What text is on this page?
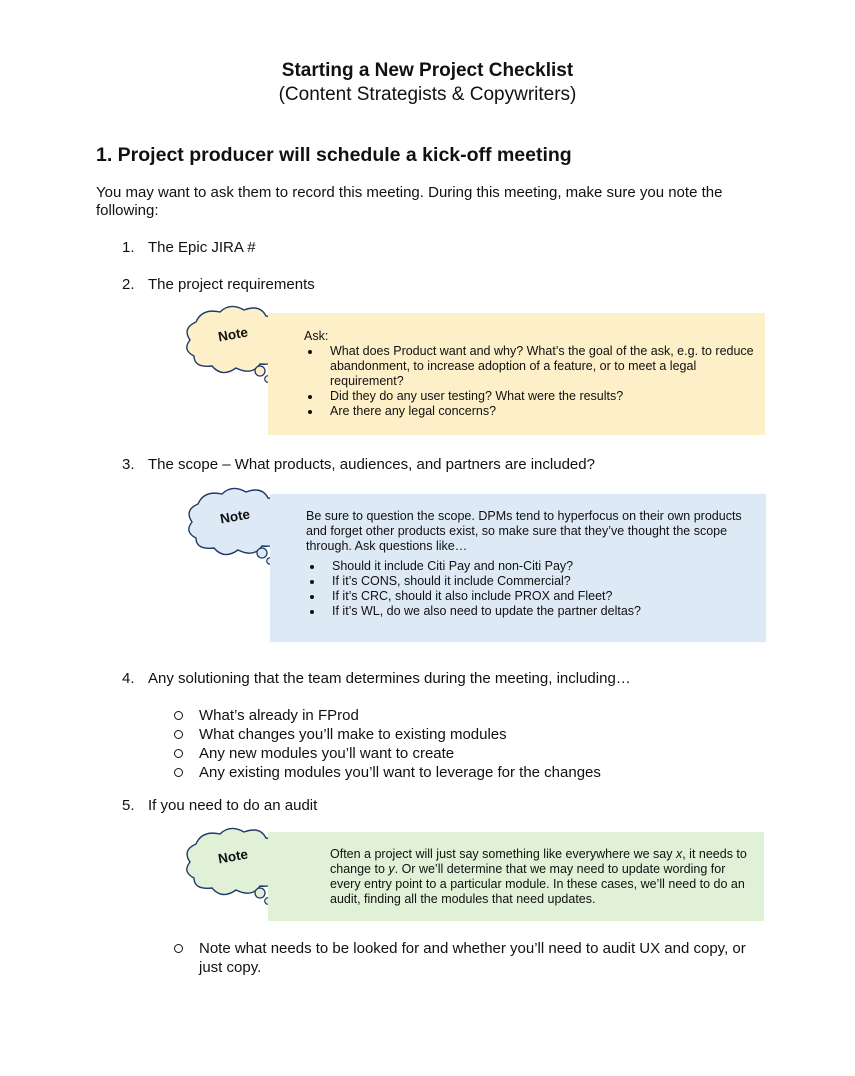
Starting a New Project Checklist
(Content Strategists & Copywriters)
1. Project producer will schedule a kick-off meeting
You may want to ask them to record this meeting. During this meeting, make sure you note the following:
1. The Epic JIRA #
2. The project requirements
Note	Ask:
What does Product want and why? What’s the goal of the ask, e.g. to reduce abandonment, to increase adoption of a feature, or to meet a legal requirement?
Did they do any user testing? What were the results?
Are there any legal concerns?
3. The scope – What products, audiences, and partners are included?
Note	Be sure to question the scope. DPMs tend to hyperfocus on their own products and forget other products exist, so make sure that they’ve thought the scope through. Ask questions like…
Should it include Citi Pay and non-Citi Pay?
If it’s CONS, should it include Commercial?
If it’s CRC, should it also include PROX and Fleet?
If it’s WL, do we also need to update the partner deltas?
4. Any solutioning that the team determines during the meeting, including…
What’s already in FProd
What changes you’ll make to existing modules
Any new modules you’ll want to create
Any existing modules you’ll want to leverage for the changes
5. If you need to do an audit
Note	Often a project will just say something like everywhere we say x, it needs to change to y. Or we’ll determine that we may need to update wording for every entry point to a particular module. In these cases, we’ll need to do an audit, finding all the modules that need updates.
Note what needs to be looked for and whether you’ll need to audit UX and copy, or just copy.
